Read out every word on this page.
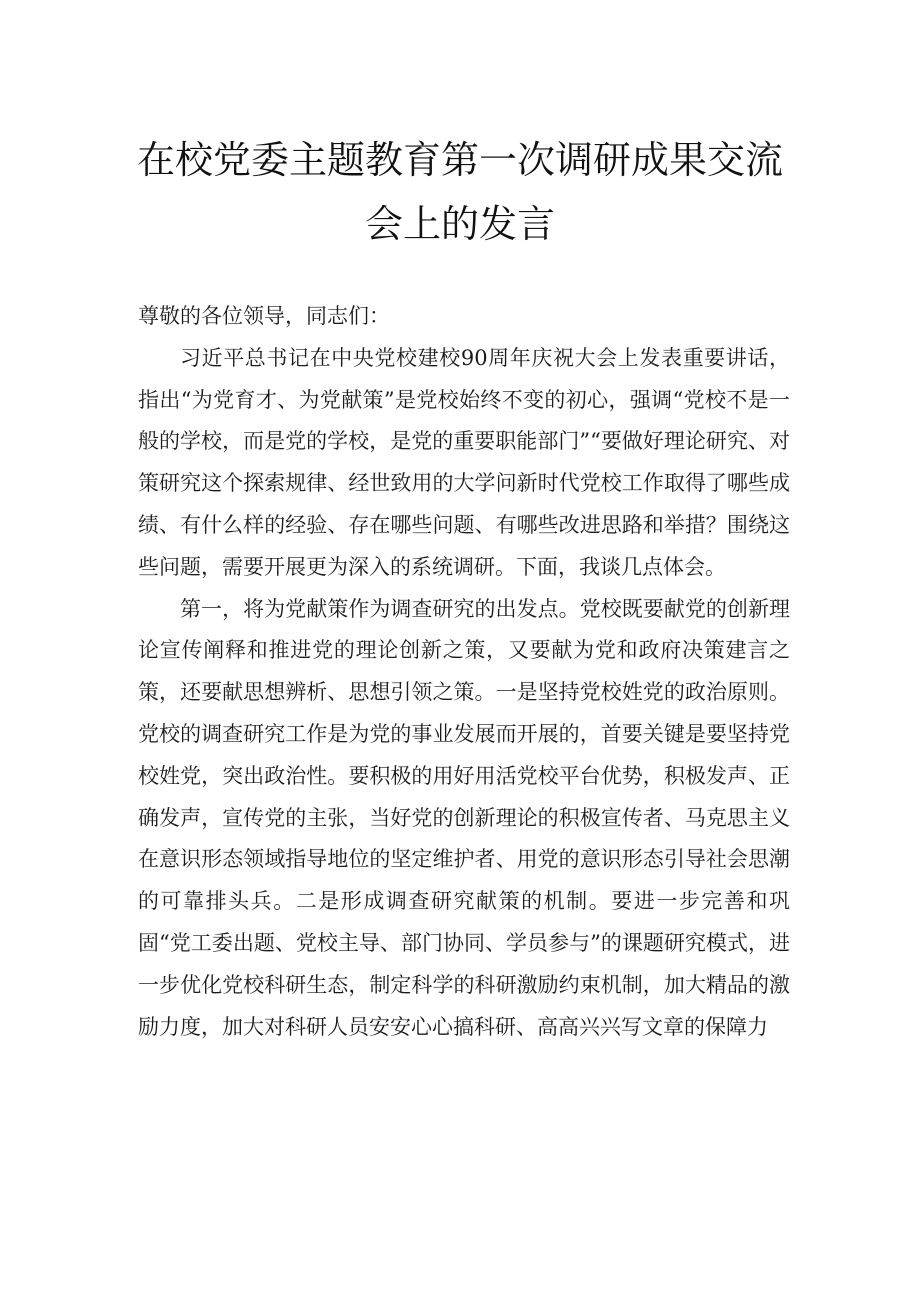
在校党委主题教育第一次调研成果交流会上的发言

尊敬的各位领导，同志们：

习近平总书记在中央党校建校90周年庆祝大会上发表重要讲话，指出“为党育才、为党献策”是党校始终不变的初心，强调“党校不是一般的学校，而是党的学校，是党的重要职能部门”“要做好理论研究、对策研究这个探索规律、经世致用的大学问新时代党校工作取得了哪些成绩、有什么样的经验、存在哪些问题、有哪些改进思路和举措？围绕这些问题，需要开展更为深入的系统调研。下面，我谈几点体会。

第一，将为党献策作为调查研究的出发点。党校既要献党的创新理论宣传阐释和推进党的理论创新之策，又要献为党和政府决策建言之策，还要献思想辨析、思想引领之策。一是坚持党校姓党的政治原则。党校的调查研究工作是为党的事业发展而开展的，首要关键是要坚持党校姓党，突出政治性。要积极的用好用活党校平台优势，积极发声、正确发声，宣传党的主张，当好党的创新理论的积极宣传者、马克思主义在意识形态领域指导地位的坚定维护者、用党的意识形态引导社会思潮的可靠排头兵。二是形成调查研究献策的机制。要进一步完善和巩固“党工委出题、党校主导、部门协同、学员参与”的课题研究模式，进一步优化党校科研生态，制定科学的科研激励约束机制，加大精品的激励力度，加大对科研人员安安心心搞科研、高高兴兴写文章的保障力
